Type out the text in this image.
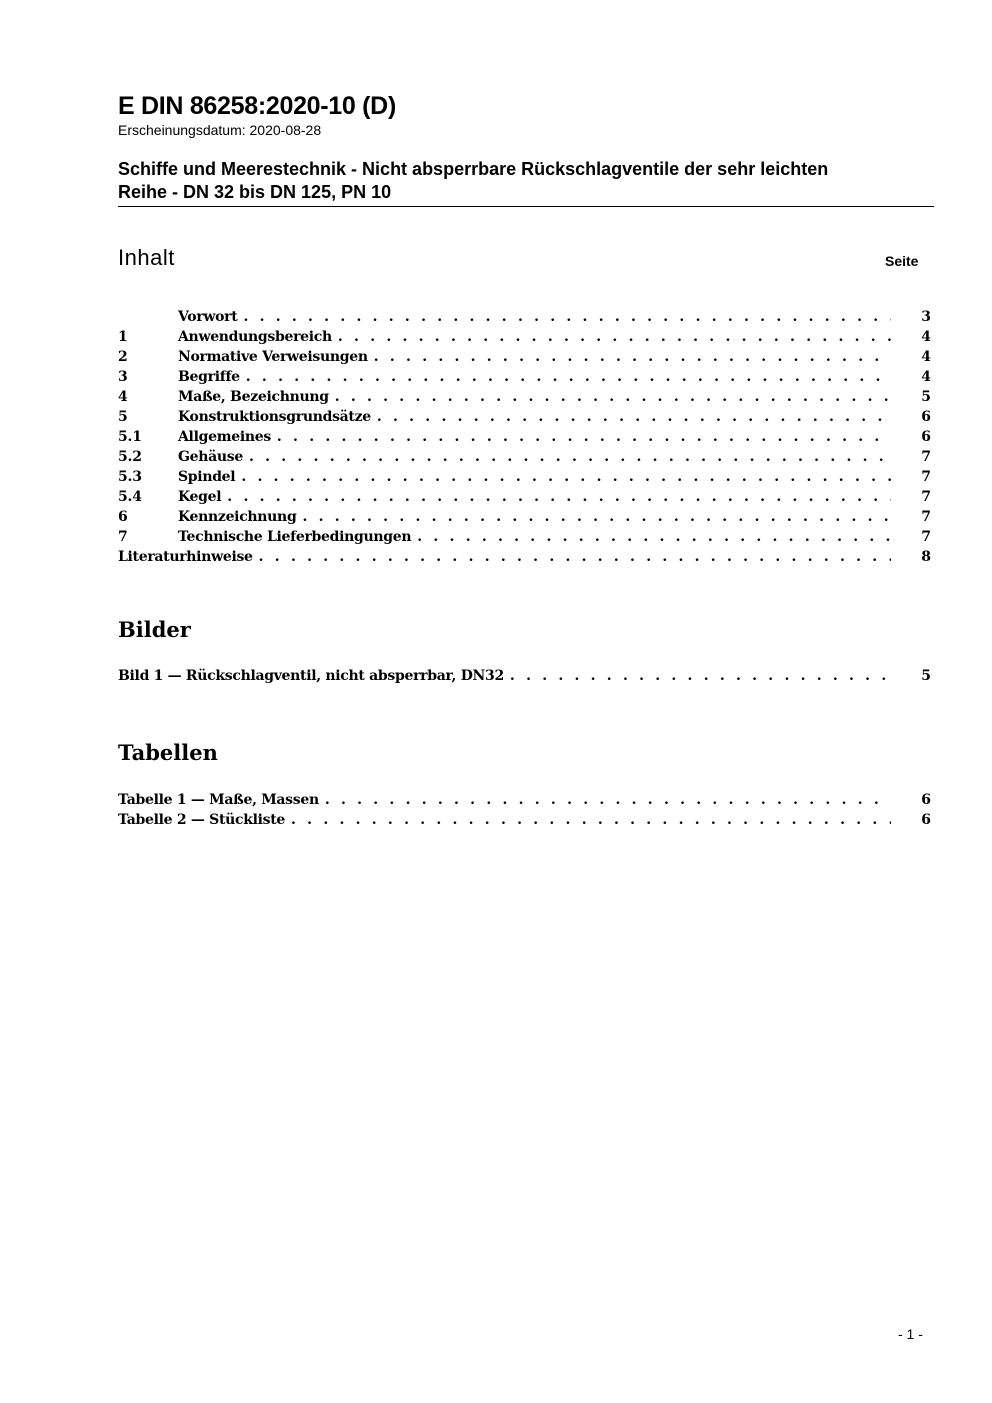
E DIN 86258:2020-10 (D)
Erscheinungsdatum: 2020-08-28
Schiffe und Meerestechnik - Nicht absperrbare Rückschlagventile der sehr leichten
Reihe - DN 32 bis DN 125, PN 10
Inhalt	Seite
Vorwort . . .	3
1	Anwendungsbereich . . .	4
2	Normative Verweisungen . . .	4
3	Begriffe . . .	4
4	Maße, Bezeichnung . . .	5
5	Konstruktionsgrundsätze . . .	6
5.1	Allgemeines . . .	6
5.2	Gehäuse . . .	7
5.3	Spindel . . .	7
5.4	Kegel . . .	7
6	Kennzeichnung . . .	7
7	Technische Lieferbedingungen . . .	7
Literaturhinweise . . .	8
Bilder
Bild 1 — Rückschlagventil, nicht absperrbar, DN32 . . .	5
Tabellen
Tabelle 1 — Maße, Massen . . .	6
Tabelle 2 — Stückliste . . .	6
- 1 -
